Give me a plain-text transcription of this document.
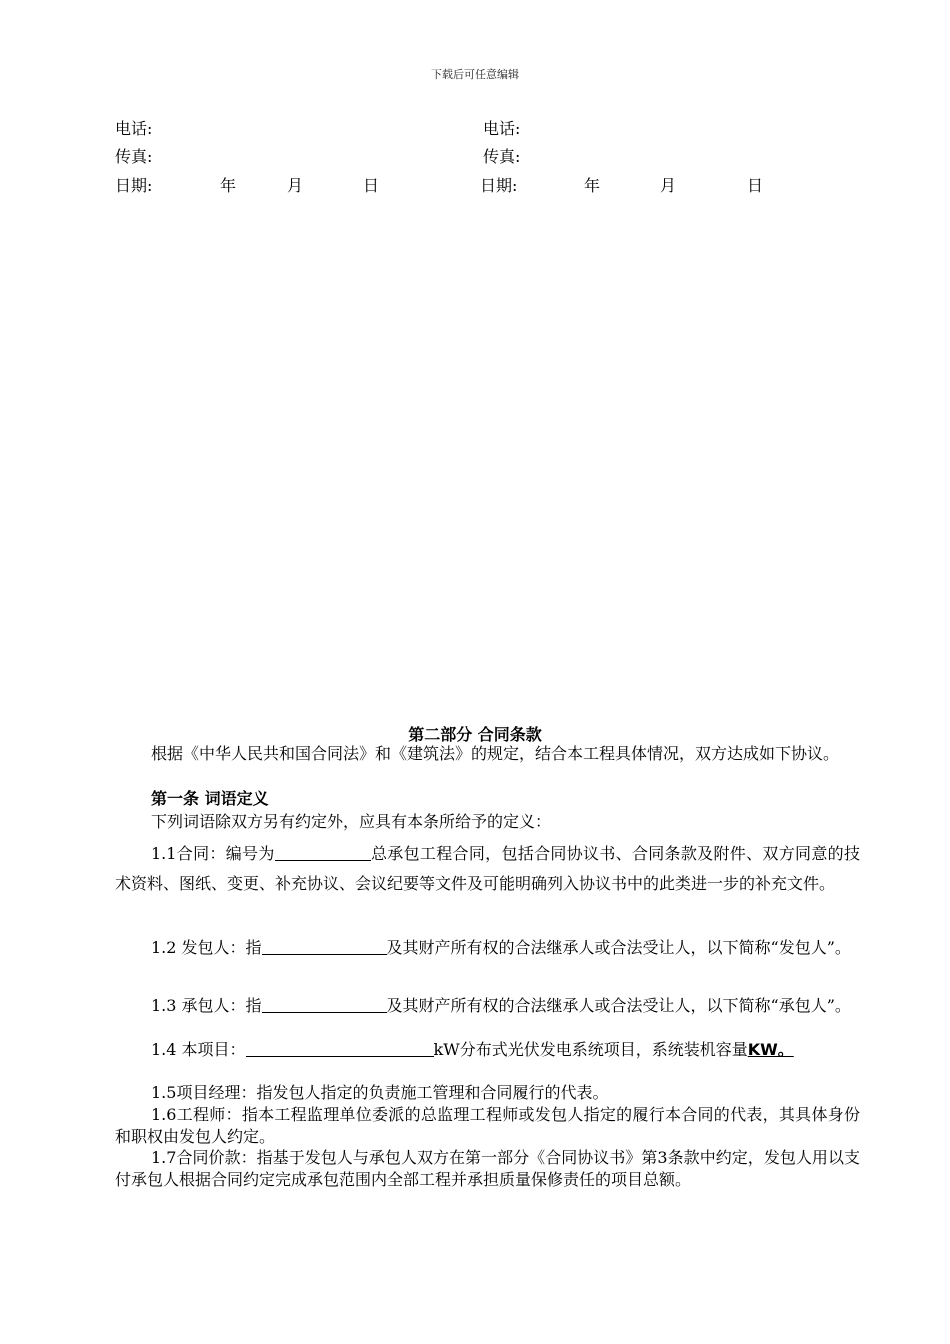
下载后可任意编辑
电话:	电话:
传真:	传真:
日期:	年	月	日	日期:	年	月	日
第二部分 合同条款
根据《中华人民共和国合同法》和《建筑法》的规定，结合本工程具体情况，双方达成如下协议。
第一条 词语定义
下列词语除双方另有约定外，应具有本条所给予的定义：
1.1合同：编号为	总承包工程合同，包括合同协议书、合同条款及附件、双方同意的技术资料、图纸、变更、补充协议、会议纪要等文件及可能明确列入协议书中的此类进一步的补充文件。
1.2 发包人：指	及其财产所有权的合法继承人或合法受让人，以下简称“发包人”。
1.3 承包人：指	及其财产所有权的合法继承人或合法受让人，以下简称“承包人”。
1.4 本项目：	kW分布式光伏发电系统项目，系统装机容量KW。
1.5项目经理：指发包人指定的负责施工管理和合同履行的代表。
1.6工程师：指本工程监理单位委派的总监理工程师或发包人指定的履行本合同的代表，其具体身份和职权由发包人约定。
1.7合同价款：指基于发包人与承包人双方在第一部分《合同协议书》第3条款中约定，发包人用以支付承包人根据合同约定完成承包范围内全部工程并承担质量保修责任的项目总额。
